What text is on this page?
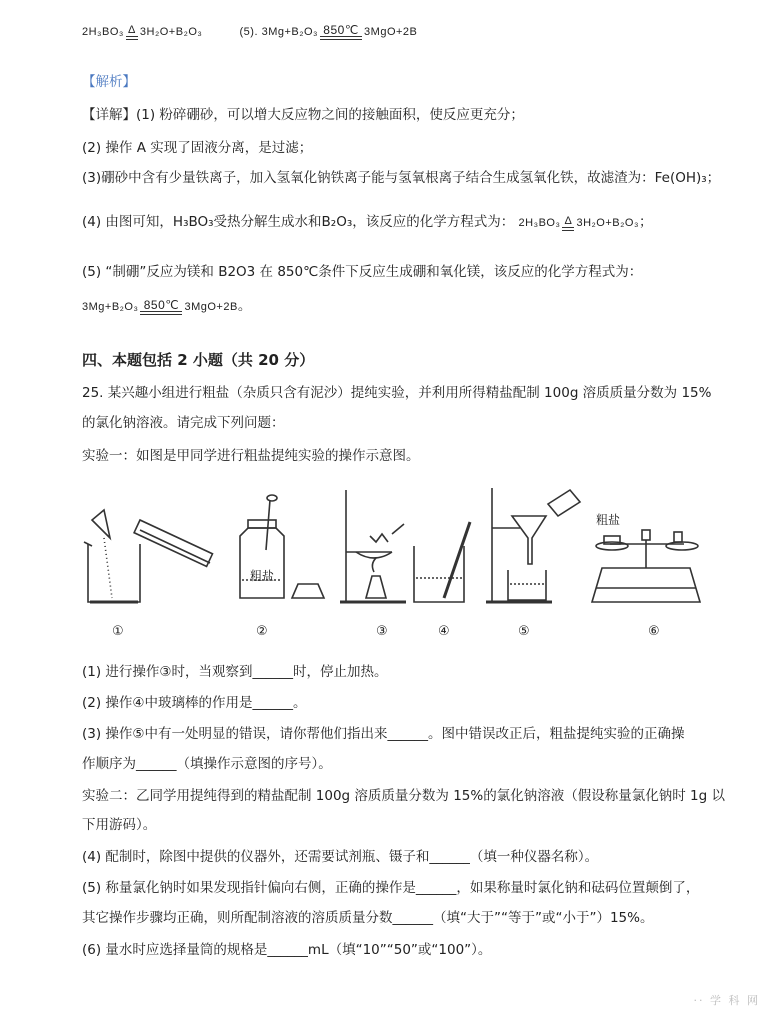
2H₃BO₃ Δ 3H₂O+B₂O₃	(5). 3Mg+B₂O₃ 850℃ 3MgO+2B
【解析】
【详解】(1) 粉碎硼砂，可以增大反应物之间的接触面积，使反应更充分；
(2) 操作 A 实现了固液分离，是过滤；
(3)硼砂中含有少量铁离子，加入氢氧化钠铁离子能与氢氧根离子结合生成氢氧化铁，故滤渣为：Fe(OH)₃；
(4) 由图可知，H₃BO₃受热分解生成水和B₂O₃，该反应的化学方程式为： 2H₃BO₃ Δ 3H₂O+B₂O₃；
(5) “制硼”反应为镁和 B2O3 在 850℃条件下反应生成硼和氧化镁，该反应的化学方程式为：
3Mg+B₂O₃ 850℃ 3MgO+2B。
四、本题包括 2 小题（共 20 分）
25. 某兴趣小组进行粗盐（杂质只含有泥沙）提纯实验，并利用所得精盐配制 100g 溶质质量分数为 15%
的氯化钠溶液。请完成下列问题：
实验一：如图是甲同学进行粗盐提纯实验的操作示意图。
粗盐
粗盐
①	②	③	④	⑤	⑥
(1) 进行操作③时，当观察到______时，停止加热。
(2) 操作④中玻璃棒的作用是______。
(3) 操作⑤中有一处明显的错误，请你帮他们指出来______。图中错误改正后，粗盐提纯实验的正确操
作顺序为______（填操作示意图的序号）。
实验二：乙同学用提纯得到的精盐配制 100g 溶质质量分数为 15%的氯化钠溶液（假设称量氯化钠时 1g 以
下用游码）。
(4) 配制时，除图中提供的仪器外，还需要试剂瓶、镊子和______（填一种仪器名称）。
(5) 称量氯化钠时如果发现指针偏向右侧，正确的操作是______，如果称量时氯化钠和砝码位置颠倒了，
其它操作步骤均正确，则所配制溶液的溶质质量分数______（填“大于”“等于”或“小于”）15%。
(6) 量水时应选择量筒的规格是______mL（填“10”“50”或“100”）。
·· 学 科 网
